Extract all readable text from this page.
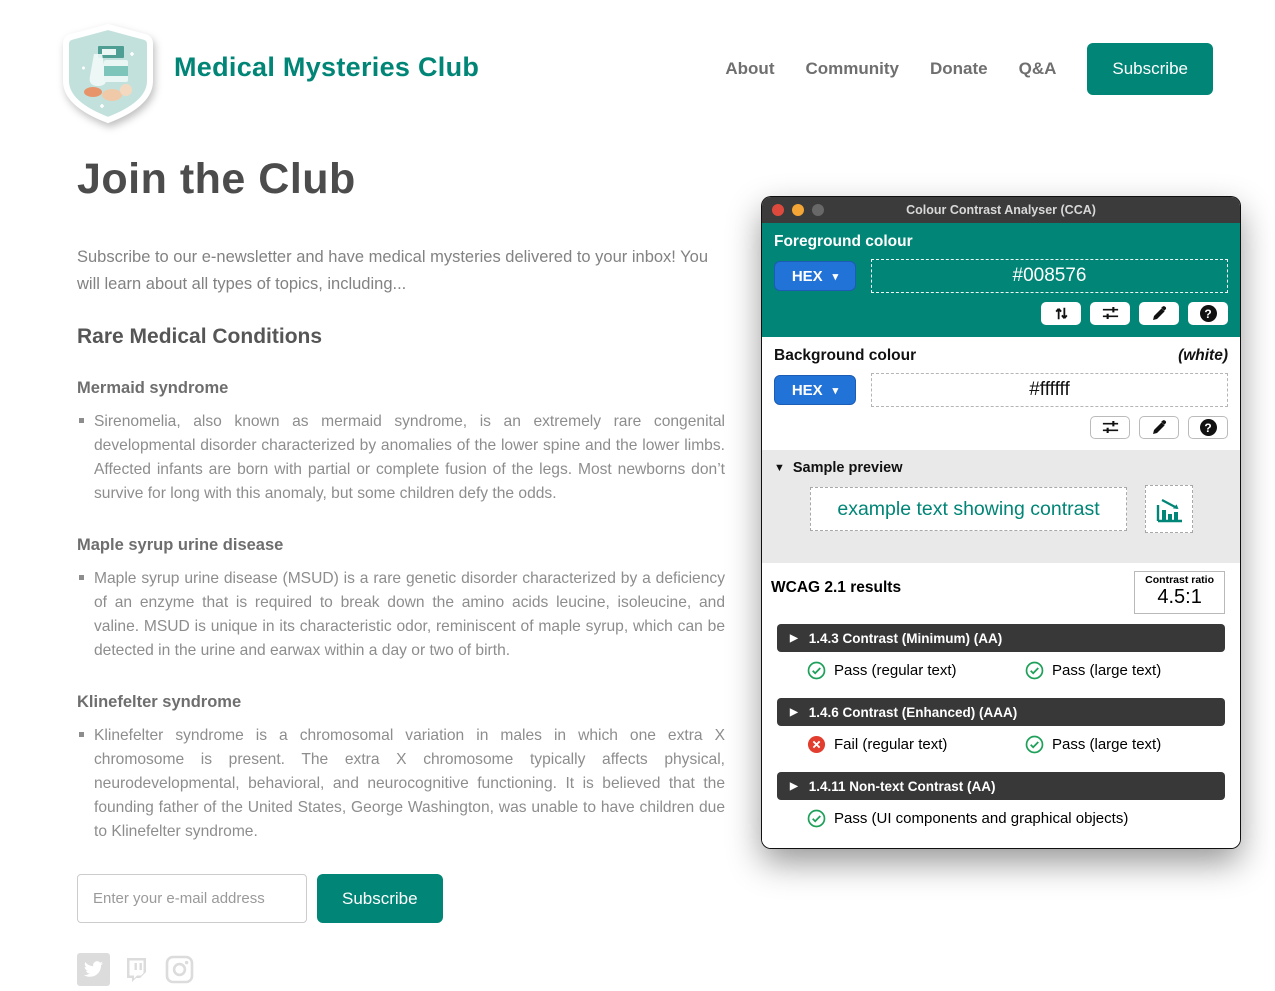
Medical Mysteries Club	About Community Donate Q&A	Subscribe
Join the Club

Subscribe to our e-newsletter and have medical mysteries delivered to your inbox! You will learn about all types of topics, including...

Rare Medical Conditions
Mermaid syndrome
Sirenomelia, also known as mermaid syndrome, is an extremely rare congenital developmental disorder characterized by anomalies of the lower spine and the lower limbs. Affected infants are born with partial or complete fusion of the legs. Most newborns don’t survive for long with this anomaly, but some children defy the odds.
Maple syrup urine disease
Maple syrup urine disease (MSUD) is a rare genetic disorder characterized by a deficiency of an enzyme that is required to break down the amino acids leucine, isoleucine, and valine. MSUD is unique in its characteristic odor, reminiscent of maple syrup, which can be detected in the urine and earwax within a day or two of birth.
Klinefelter syndrome
Klinefelter syndrome is a chromosomal variation in males in which one extra X chromosome is present. The extra X chromosome typically affects physical, neurodevelopmental, behavioral, and neurocognitive functioning. It is believed that the founding father of the United States, George Washington, was unable to have children due to Klinefelter syndrome.
Enter your e-mail address
Subscribe
Colour Contrast Analyser (CCA)
Foreground colour
HEX ▾
#008576
?
Background colour	(white)
HEX ▾
#ffffff
?
▼ Sample preview
example text showing contrast
WCAG 2.1 results	Contrast ratio
4.5:1
▶ 1.4.3 Contrast (Minimum) (AA)
Pass (regular text)	Pass (large text)
▶ 1.4.6 Contrast (Enhanced) (AAA)
Fail (regular text)	Pass (large text)
▶ 1.4.11 Non-text Contrast (AA)
Pass (UI components and graphical objects)
